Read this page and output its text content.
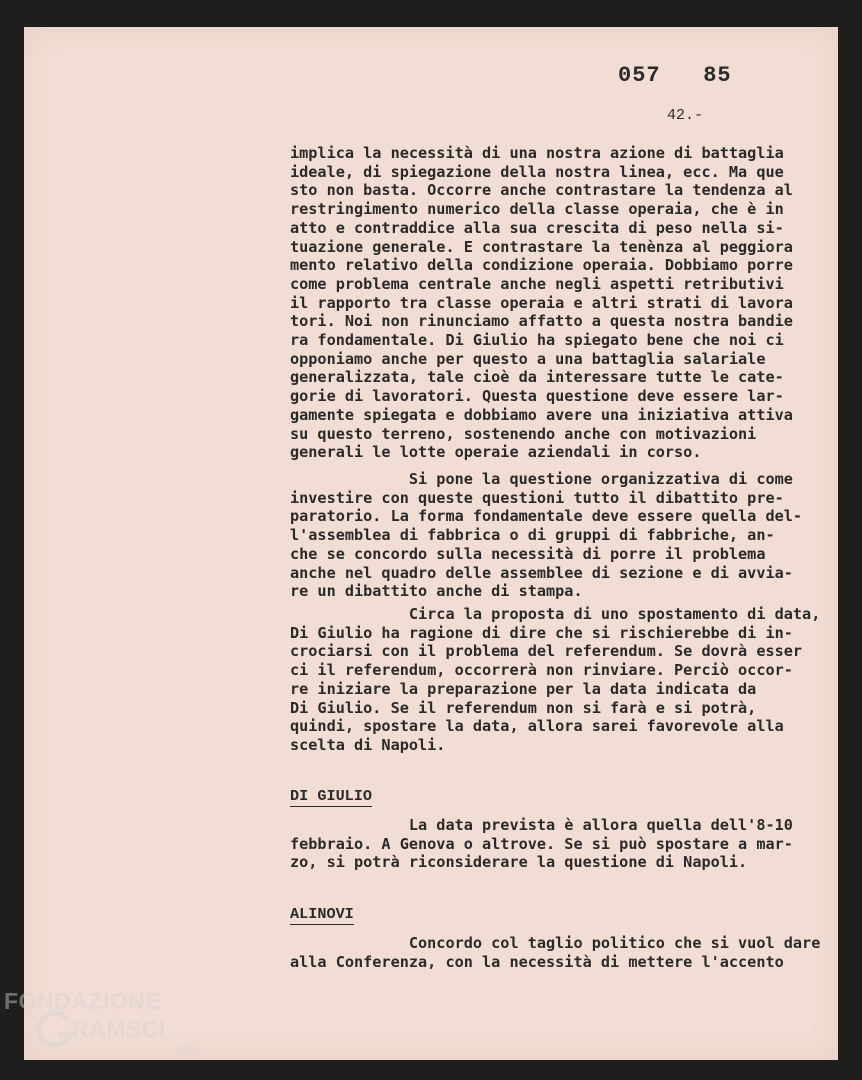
057   85
42.-
implica la necessità di una nostra azione di battaglia
ideale, di spiegazione della nostra linea, ecc. Ma que
sto non basta. Occorre anche contrastare la tendenza al
restringimento numerico della classe operaia, che è in
atto e contraddice alla sua crescita di peso nella si-
tuazione generale. E contrastare la tenènza al peggiora
mento relativo della condizione operaia. Dobbiamo porre
come problema centrale anche negli aspetti retributivi
il rapporto tra classe operaia e altri strati di lavora
tori. Noi non rinunciamo affatto a questa nostra bandie
ra fondamentale. Di Giulio ha spiegato bene che noi ci
opponiamo anche per questo a una battaglia salariale
generalizzata, tale cioè da interessare tutte le cate-
gorie di lavoratori. Questa questione deve essere lar-
gamente spiegata e dobbiamo avere una iniziativa attiva
su questo terreno, sostenendo anche con motivazioni
generali le lotte operaie aziendali in corso.
Si pone la questione organizzativa di come
investire con queste questioni tutto il dibattito pre-
paratorio. La forma fondamentale deve essere quella del-
l'assemblea di fabbrica o di gruppi di fabbriche, an-
che se concordo sulla necessità di porre il problema
anche nel quadro delle assemblee di sezione e di avvia-
re un dibattito anche di stampa.
Circa la proposta di uno spostamento di data,
Di Giulio ha ragione di dire che si rischierebbe di in-
crociarsi con il problema del referendum. Se dovrà esser
ci il referendum, occorrerà non rinviare. Perciò occor-
re iniziare la preparazione per la data indicata da
Di Giulio. Se il referendum non si farà e si potrà,
quindi, spostare la data, allora sarei favorevole alla
scelta di Napoli.
DI GIULIO
La data prevista è allora quella dell'8-10
febbraio. A Genova o altrove. Se si può spostare a mar-
zo, si potrà riconsiderare la questione di Napoli.
ALINOVI
Concordo col taglio politico che si vuol dare
alla Conferenza, con la necessità di mettere l'accento
FONDAZIONE
RAMSCI
onlus
